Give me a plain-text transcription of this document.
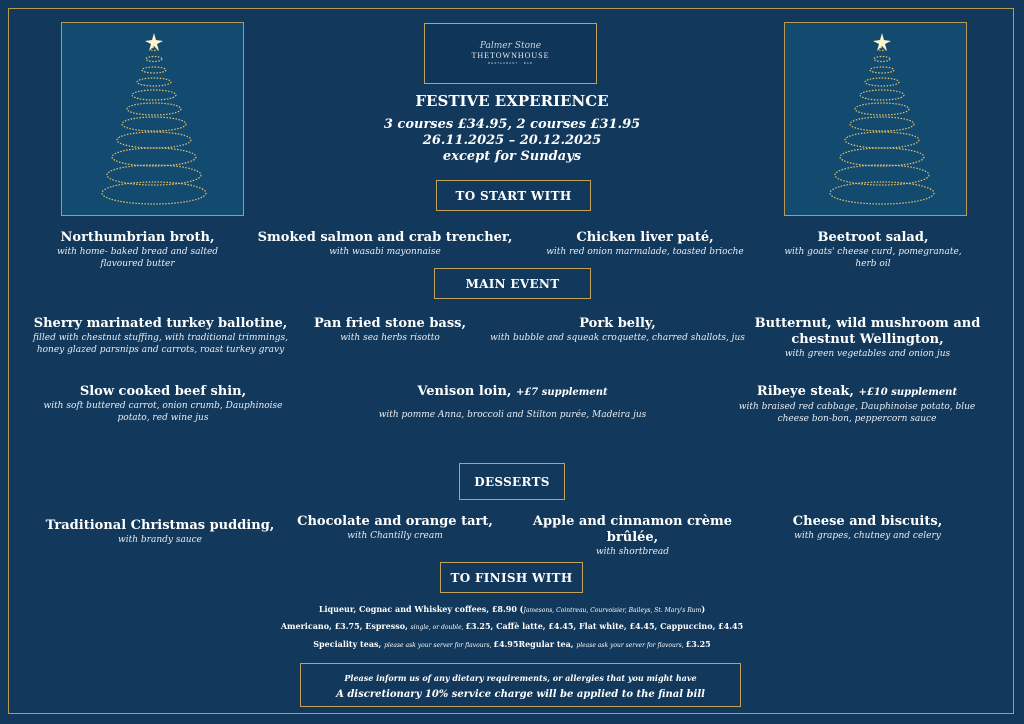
Palmer Stone
THETOWNHOUSE
RESTAURANT · BAR
FESTIVE EXPERIENCE
3 courses £34.95, 2 courses £31.95
26.11.2025 – 20.12.2025
except for Sundays
TO START WITH
Northumbrian broth,
with home- baked bread and salted flavoured butter
Smoked salmon and crab trencher,
with wasabi mayonnaise
Chicken liver paté,
with red onion marmalade, toasted brioche
Beetroot salad,
with goats' cheese curd, pomegranate, herb oil
MAIN EVENT
Sherry marinated turkey ballotine,
filled with chestnut stuffing, with traditional trimmings, honey glazed parsnips and carrots, roast turkey gravy
Pan fried stone bass,
with sea herbs risotto
Pork belly,
with bubble and squeak croquette, charred shallots, jus
Butternut, wild mushroom and chestnut Wellington,
with green vegetables and onion jus
Slow cooked beef shin,
with soft buttered carrot, onion crumb, Dauphinoise potato, red wine jus
Venison loin, +£7 supplement
with pomme Anna, broccoli and Stilton purée, Madeira jus
Ribeye steak, +£10 supplement
with braised red cabbage, Dauphinoise potato, blue cheese bon-bon, peppercorn sauce
DESSERTS
Traditional Christmas pudding,
with brandy sauce
Chocolate and orange tart,
with Chantilly cream
Apple and cinnamon crème brûlée,
with shortbread
Cheese and biscuits,
with grapes, chutney and celery
TO FINISH WITH
Liqueur, Cognac and Whiskey coffees, £8.90 (Jamesons, Cointreau, Courvoisier, Baileys, St. Mary's Rum)
Americano, £3.75, Espresso, single, or double, £3.25, Caffè latte, £4.45, Flat white, £4.45, Cappuccino, £4.45
Speciality teas, please ask your server for flavours, £4.95Regular tea, please ask your server for flavours, £3.25
Please inform us of any dietary requirements, or allergies that you might have
A discretionary 10% service charge will be applied to the final bill
